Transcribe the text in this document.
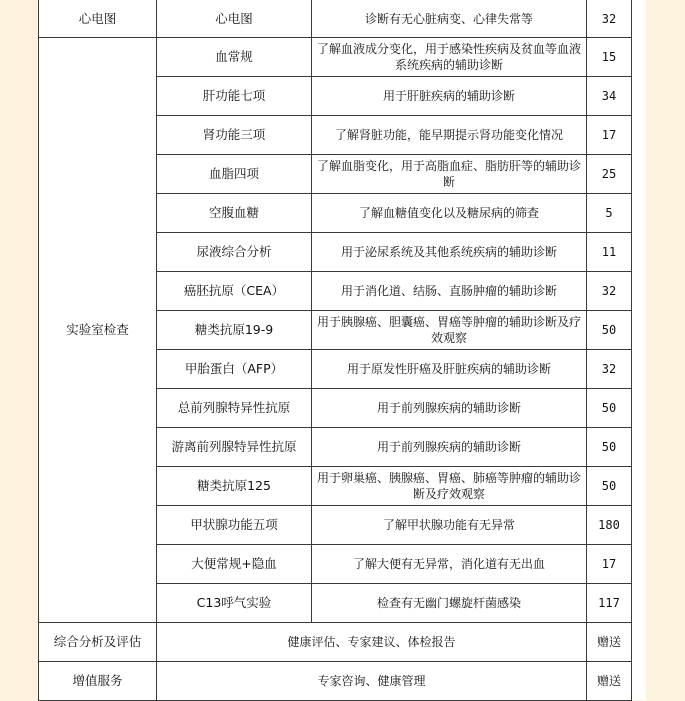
心电图	心电图	诊断有无心脏病变、心律失常等	32
实验室检查	血常规	了解血液成分变化，用于感染性疾病及贫血等血液系统疾病的辅助诊断	15
	肝功能七项	用于肝脏疾病的辅助诊断	34
	肾功能三项	了解肾脏功能，能早期提示肾功能变化情况	17
	血脂四项	了解血脂变化，用于高脂血症、脂肪肝等的辅助诊断	25
	空腹血糖	了解血糖值变化以及糖尿病的筛查	5
	尿液综合分析	用于泌尿系统及其他系统疾病的辅助诊断	11
	癌胚抗原（CEA）	用于消化道、结肠、直肠肿瘤的辅助诊断	32
	糖类抗原19-9	用于胰腺癌、胆囊癌、胃癌等肿瘤的辅助诊断及疗效观察	50
	甲胎蛋白（AFP）	用于原发性肝癌及肝脏疾病的辅助诊断	32
	总前列腺特异性抗原	用于前列腺疾病的辅助诊断	50
	游离前列腺特异性抗原	用于前列腺疾病的辅助诊断	50
	糖类抗原125	用于卵巢癌、胰腺癌、胃癌、肺癌等肿瘤的辅助诊断及疗效观察	50
	甲状腺功能五项	了解甲状腺功能有无异常	180
	大便常规+隐血	了解大便有无异常，消化道有无出血	17
	C13呼气实验	检查有无幽门螺旋杆菌感染	117
综合分析及评估	健康评估、专家建议、体检报告		赠送
增值服务	专家咨询、健康管理		赠送
